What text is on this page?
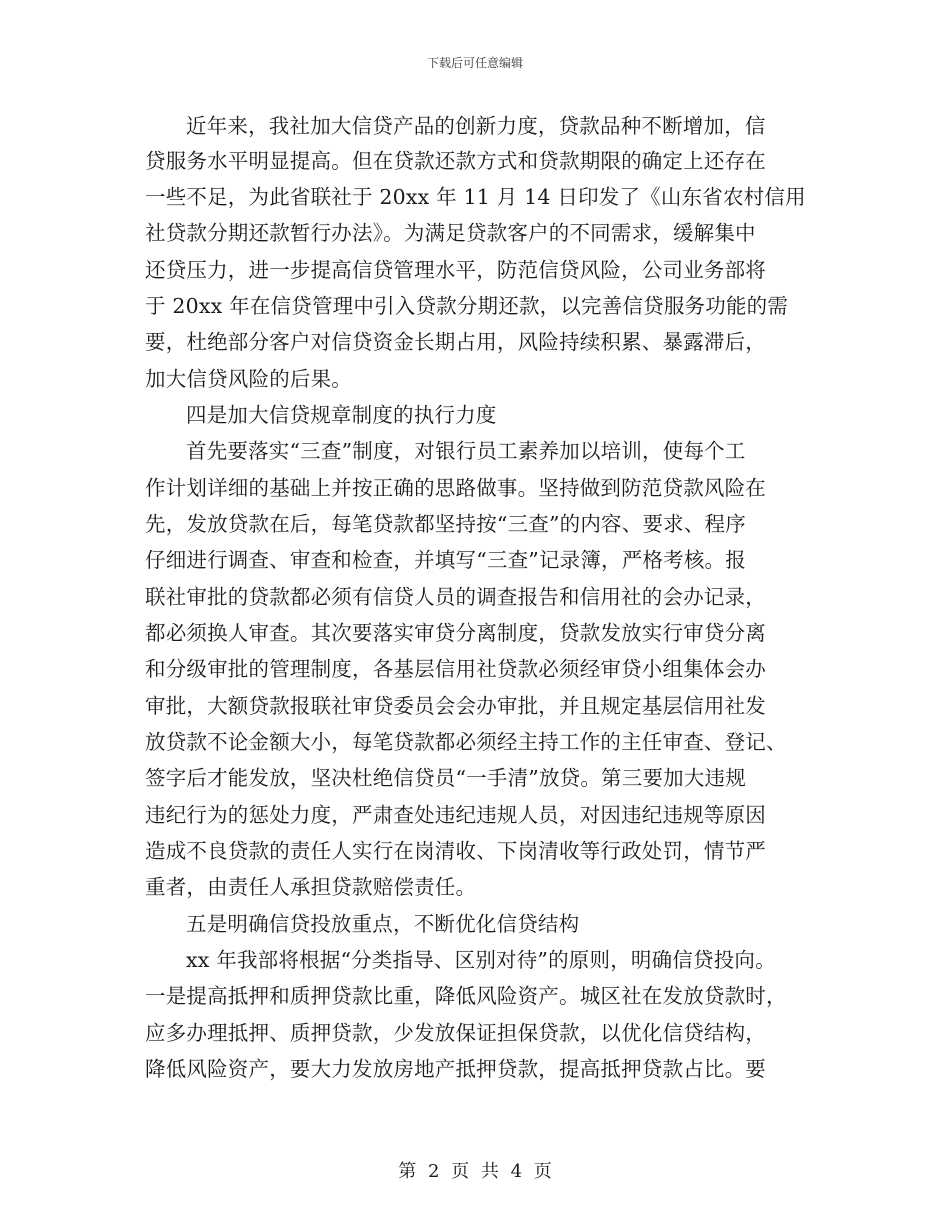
下载后可任意编辑
近年来，我社加大信贷产品的创新力度，贷款品种不断增加，信
贷服务水平明显提高。但在贷款还款方式和贷款期限的确定上还存在
一些不足，为此省联社于 20xx 年 11 月 14 日印发了《山东省农村信用
社贷款分期还款暂行办法》。为满足贷款客户的不同需求，缓解集中
还贷压力，进一步提高信贷管理水平，防范信贷风险，公司业务部将
于 20xx 年在信贷管理中引入贷款分期还款，以完善信贷服务功能的需
要，杜绝部分客户对信贷资金长期占用，风险持续积累、暴露滞后，
加大信贷风险的后果。
四是加大信贷规章制度的执行力度
首先要落实“三查”制度，对银行员工素养加以培训，使每个工
作计划详细的基础上并按正确的思路做事。坚持做到防范贷款风险在
先，发放贷款在后，每笔贷款都坚持按“三查”的内容、要求、程序
仔细进行调查、审查和检查，并填写“三查”记录簿，严格考核。报
联社审批的贷款都必须有信贷人员的调查报告和信用社的会办记录，
都必须换人审查。其次要落实审贷分离制度，贷款发放实行审贷分离
和分级审批的管理制度，各基层信用社贷款必须经审贷小组集体会办
审批，大额贷款报联社审贷委员会会办审批，并且规定基层信用社发
放贷款不论金额大小，每笔贷款都必须经主持工作的主任审查、登记、
签字后才能发放，坚决杜绝信贷员“一手清”放贷。第三要加大违规
违纪行为的惩处力度，严肃查处违纪违规人员，对因违纪违规等原因
造成不良贷款的责任人实行在岗清收、下岗清收等行政处罚，情节严
重者，由责任人承担贷款赔偿责任。
五是明确信贷投放重点，不断优化信贷结构
xx 年我部将根据“分类指导、区别对待”的原则，明确信贷投向。
一是提高抵押和质押贷款比重，降低风险资产。城区社在发放贷款时，
应多办理抵押、质押贷款，少发放保证担保贷款，以优化信贷结构，
降低风险资产，要大力发放房地产抵押贷款，提高抵押贷款占比。要
第 2 页 共 4 页
